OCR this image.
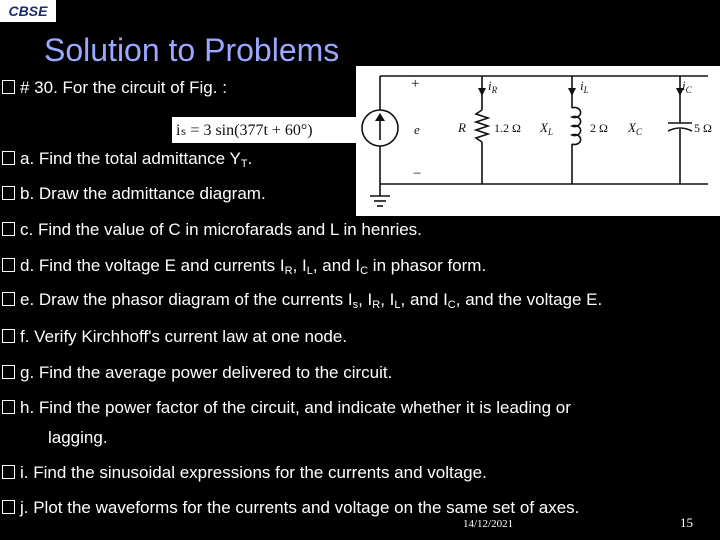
CBSE
Solution to Problems
iₛ = 3 sin(377t + 60°)
+
−
e
$i_R$	$i_L$	$i_C$
R 1.2 Ω $X_L$	2 Ω $X_C$	5 Ω
# 30. For the circuit of Fig. :
a. Find the total admittance $Y_T$.
b. Draw the admittance diagram.
c. Find the value of C in microfarads and L in henries.
d. Find the voltage E and currents $I_R$, $I_L$, and $I_C$ in phasor form.
e. Draw the phasor diagram of the currents $I_s$, $I_R$, $I_L$, and $I_C$, and the voltage E.
f. Verify Kirchhoff's current law at one node.
g. Find the average power delivered to the circuit.
h. Find the power factor of the circuit, and indicate whether it is leading or
lagging.
i. Find the sinusoidal expressions for the currents and voltage.
j. Plot the waveforms for the currents and voltage on the same set of axes.
14/12/2021	15
